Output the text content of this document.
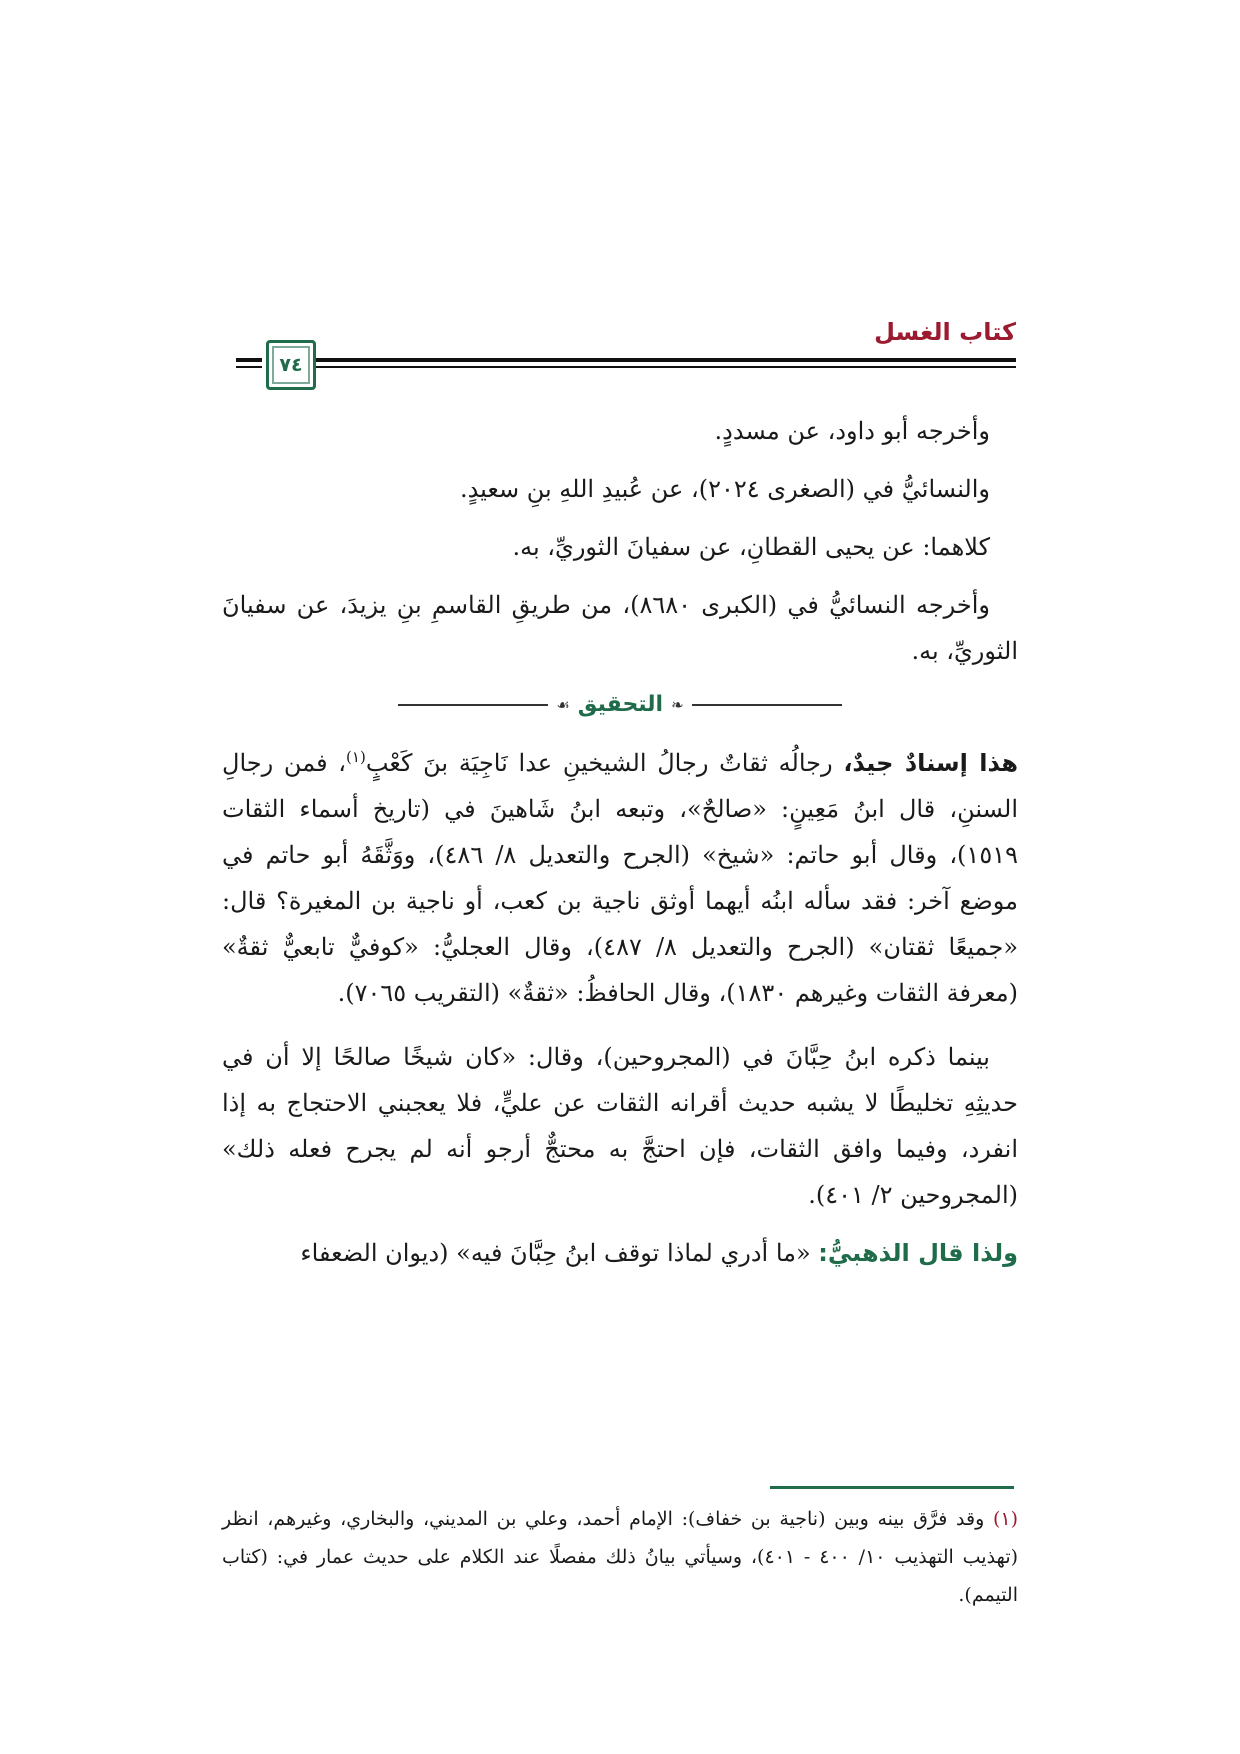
كتاب الغسل
٧٤

وأخرجه أبو داود، عن مسددٍ.

والنسائيُّ في (الصغرى ٢٠٢٤)، عن عُبيدِ اللهِ بنِ سعيدٍ.

كلاهما: عن يحيى القطانِ، عن سفيانَ الثوريِّ، به.

وأخرجه النسائيُّ في (الكبرى ٨٦٨٠)، من طريقِ القاسمِ بنِ يزيدَ، عن سفيانَ الثوريِّ، به.

❧
التحقيق
☙

هذا إسنادٌ جيدٌ، رجالُه ثقاتٌ رجالُ الشيخينِ عدا نَاجِيَة بنَ كَعْبٍ$^{(١)}$، فمن رجالِ السننِ، قال ابنُ مَعِينٍ: «صالحٌ»، وتبعه ابنُ شَاهينَ في (تاريخ أسماء الثقات ١٥١٩)، وقال أبو حاتم: «شيخ» (الجرح والتعديل ٨/ ٤٨٦)، ووَثَّقَهُ أبو حاتم في موضع آخر: فقد سأله ابنُه أيهما أوثق ناجية بن كعب، أو ناجية بن المغيرة؟ قال: «جميعًا ثقتان» (الجرح والتعديل ٨/ ٤٨٧)، وقال العجليُّ: «كوفيٌّ تابعيٌّ ثقةٌ» (معرفة الثقات وغيرهم ١٨٣٠)، وقال الحافظُ: «ثقةٌ» (التقريب ٧٠٦٥).

بينما ذكره ابنُ حِبَّانَ في (المجروحين)، وقال: «كان شيخًا صالحًا إلا أن في حديثِهِ تخليطًا لا يشبه حديث أقرانه الثقات عن عليٍّ، فلا يعجبني الاحتجاج به إذا انفرد، وفيما وافق الثقات، فإن احتجَّ به محتجٌّ أرجو أنه لم يجرح فعله ذلك» (المجروحين ٢/ ٤٠١).

ولذا قال الذهبيُّ: «ما أدري لماذا توقف ابنُ حِبَّانَ فيه» (ديوان الضعفاء

(١) وقد فرَّق بينه وبين (ناجية بن خفاف): الإمام أحمد، وعلي بن المديني، والبخاري، وغيرهم، انظر (تهذيب التهذيب ١٠/ ٤٠٠ - ٤٠١)، وسيأتي بيانُ ذلك مفصلًا عند الكلام على حديث عمار في: (كتاب التيمم).
